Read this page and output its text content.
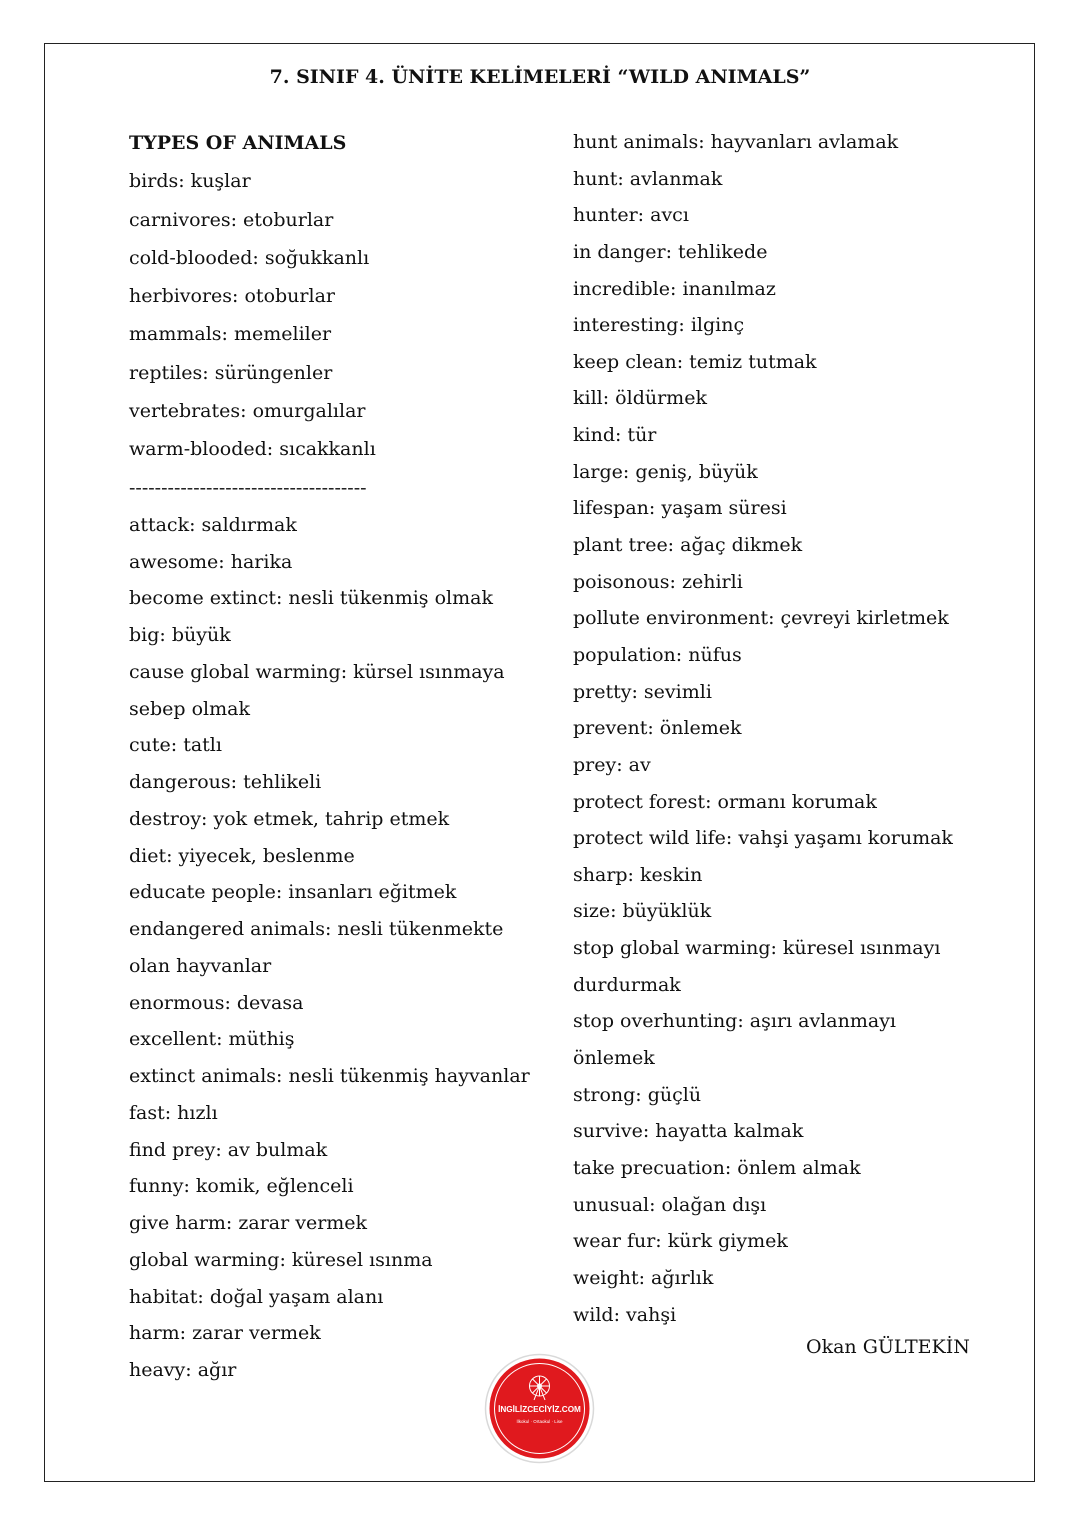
7. SINIF 4. ÜNİTE KELİMELERİ “WILD ANIMALS”
TYPES OF ANIMALS
birds: kuşlar
carnivores: etoburlar
cold-blooded: soğukkanlı
herbivores: otoburlar
mammals: memeliler
reptiles: sürüngenler
vertebrates: omurgalılar
warm-blooded: sıcakkanlı
-------------------------------------
attack: saldırmak
awesome: harika
become extinct: nesli tükenmiş olmak
big: büyük
cause global warming: kürsel ısınmaya
sebep olmak
cute: tatlı
dangerous: tehlikeli
destroy: yok etmek, tahrip etmek
diet: yiyecek, beslenme
educate people: insanları eğitmek
endangered animals: nesli tükenmekte
olan hayvanlar
enormous: devasa
excellent: müthiş
extinct animals: nesli tükenmiş hayvanlar
fast: hızlı
find prey: av bulmak
funny: komik, eğlenceli
give harm: zarar vermek
global warming: küresel ısınma
habitat: doğal yaşam alanı
harm: zarar vermek
heavy: ağır
hunt animals: hayvanları avlamak
hunt: avlanmak
hunter: avcı
in danger: tehlikede
incredible: inanılmaz
interesting: ilginç
keep clean: temiz tutmak
kill: öldürmek
kind: tür
large: geniş, büyük
lifespan: yaşam süresi
plant tree: ağaç dikmek
poisonous: zehirli
pollute environment: çevreyi kirletmek
population: nüfus
pretty: sevimli
prevent: önlemek
prey: av
protect forest: ormanı korumak
protect wild life: vahşi yaşamı korumak
sharp: keskin
size: büyüklük
stop global warming: küresel ısınmayı
durdurmak
stop overhunting: aşırı avlanmayı
önlemek
strong: güçlü
survive: hayatta kalmak
take precuation: önlem almak
unusual: olağan dışı
wear fur: kürk giymek
weight: ağırlık
wild: vahşi
Okan GÜLTEKİN
İNGİLİZCECİYİZ.COM
İlkokul · Ortaokul · Lise
